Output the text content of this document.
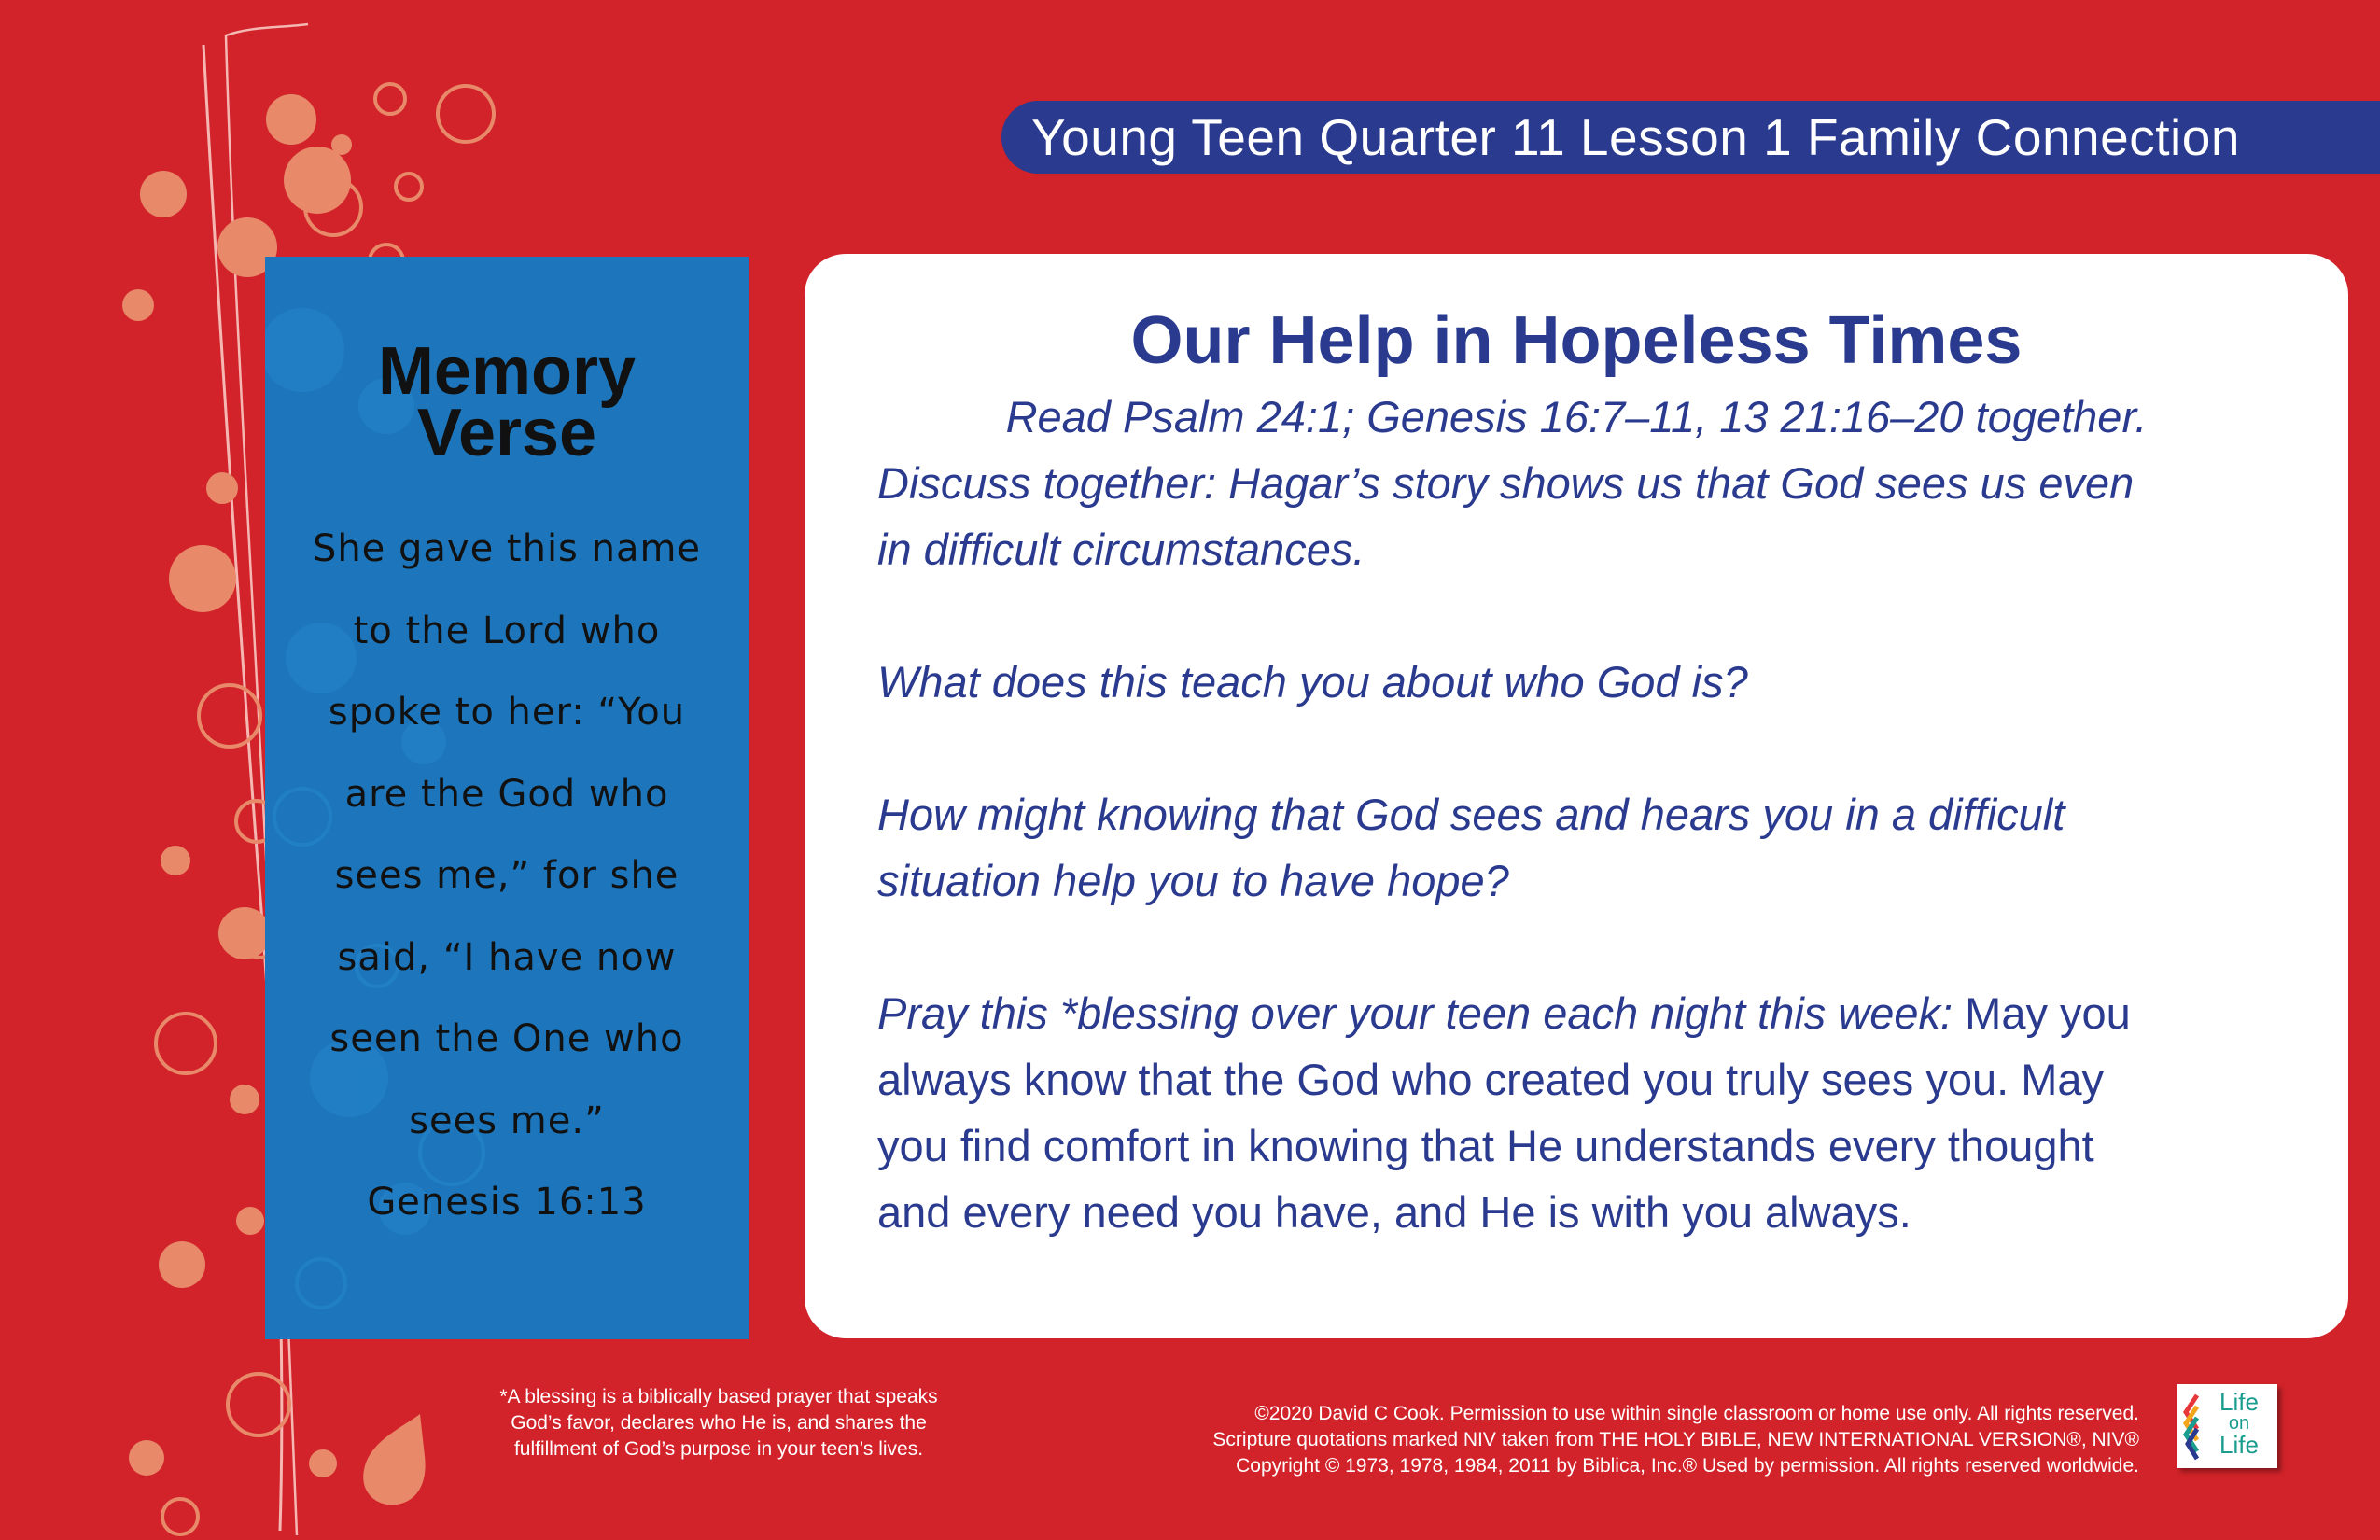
Young Teen Quarter 11 Lesson 1 Family Connection
Memory
Verse
She gave this name
to the Lord who
spoke to her: “You
are the God who
sees me,” for she
said, “I have now
seen the One who
sees me.”
Genesis 16:13
Our Help in Hopeless Times
Read Psalm 24:1; Genesis 16:7–11, 13 21:16–20 together.

Discuss together: Hagar’s story shows us that God sees us even
in difficult circumstances.

What does this teach you about who God is?

How might knowing that God sees and hears you in a difficult
situation help you to have hope?

Pray this *blessing over your teen each night this week: May you
always know that the God who created you truly sees you. May
you find comfort in knowing that He understands every thought
and every need you have, and He is with you always.

*A blessing is a biblically based prayer that speaks
God’s favor, declares who He is, and shares the
fulfillment of God’s purpose in your teen’s lives.
©2020 David C Cook. Permission to use within single classroom or home use only. All rights reserved.
Scripture quotations marked NIV taken from THE HOLY BIBLE, NEW INTERNATIONAL VERSION®, NIV®
Copyright © 1973, 1978, 1984, 2011 by Biblica, Inc.® Used by permission. All rights reserved worldwide.
Life
on
Life
